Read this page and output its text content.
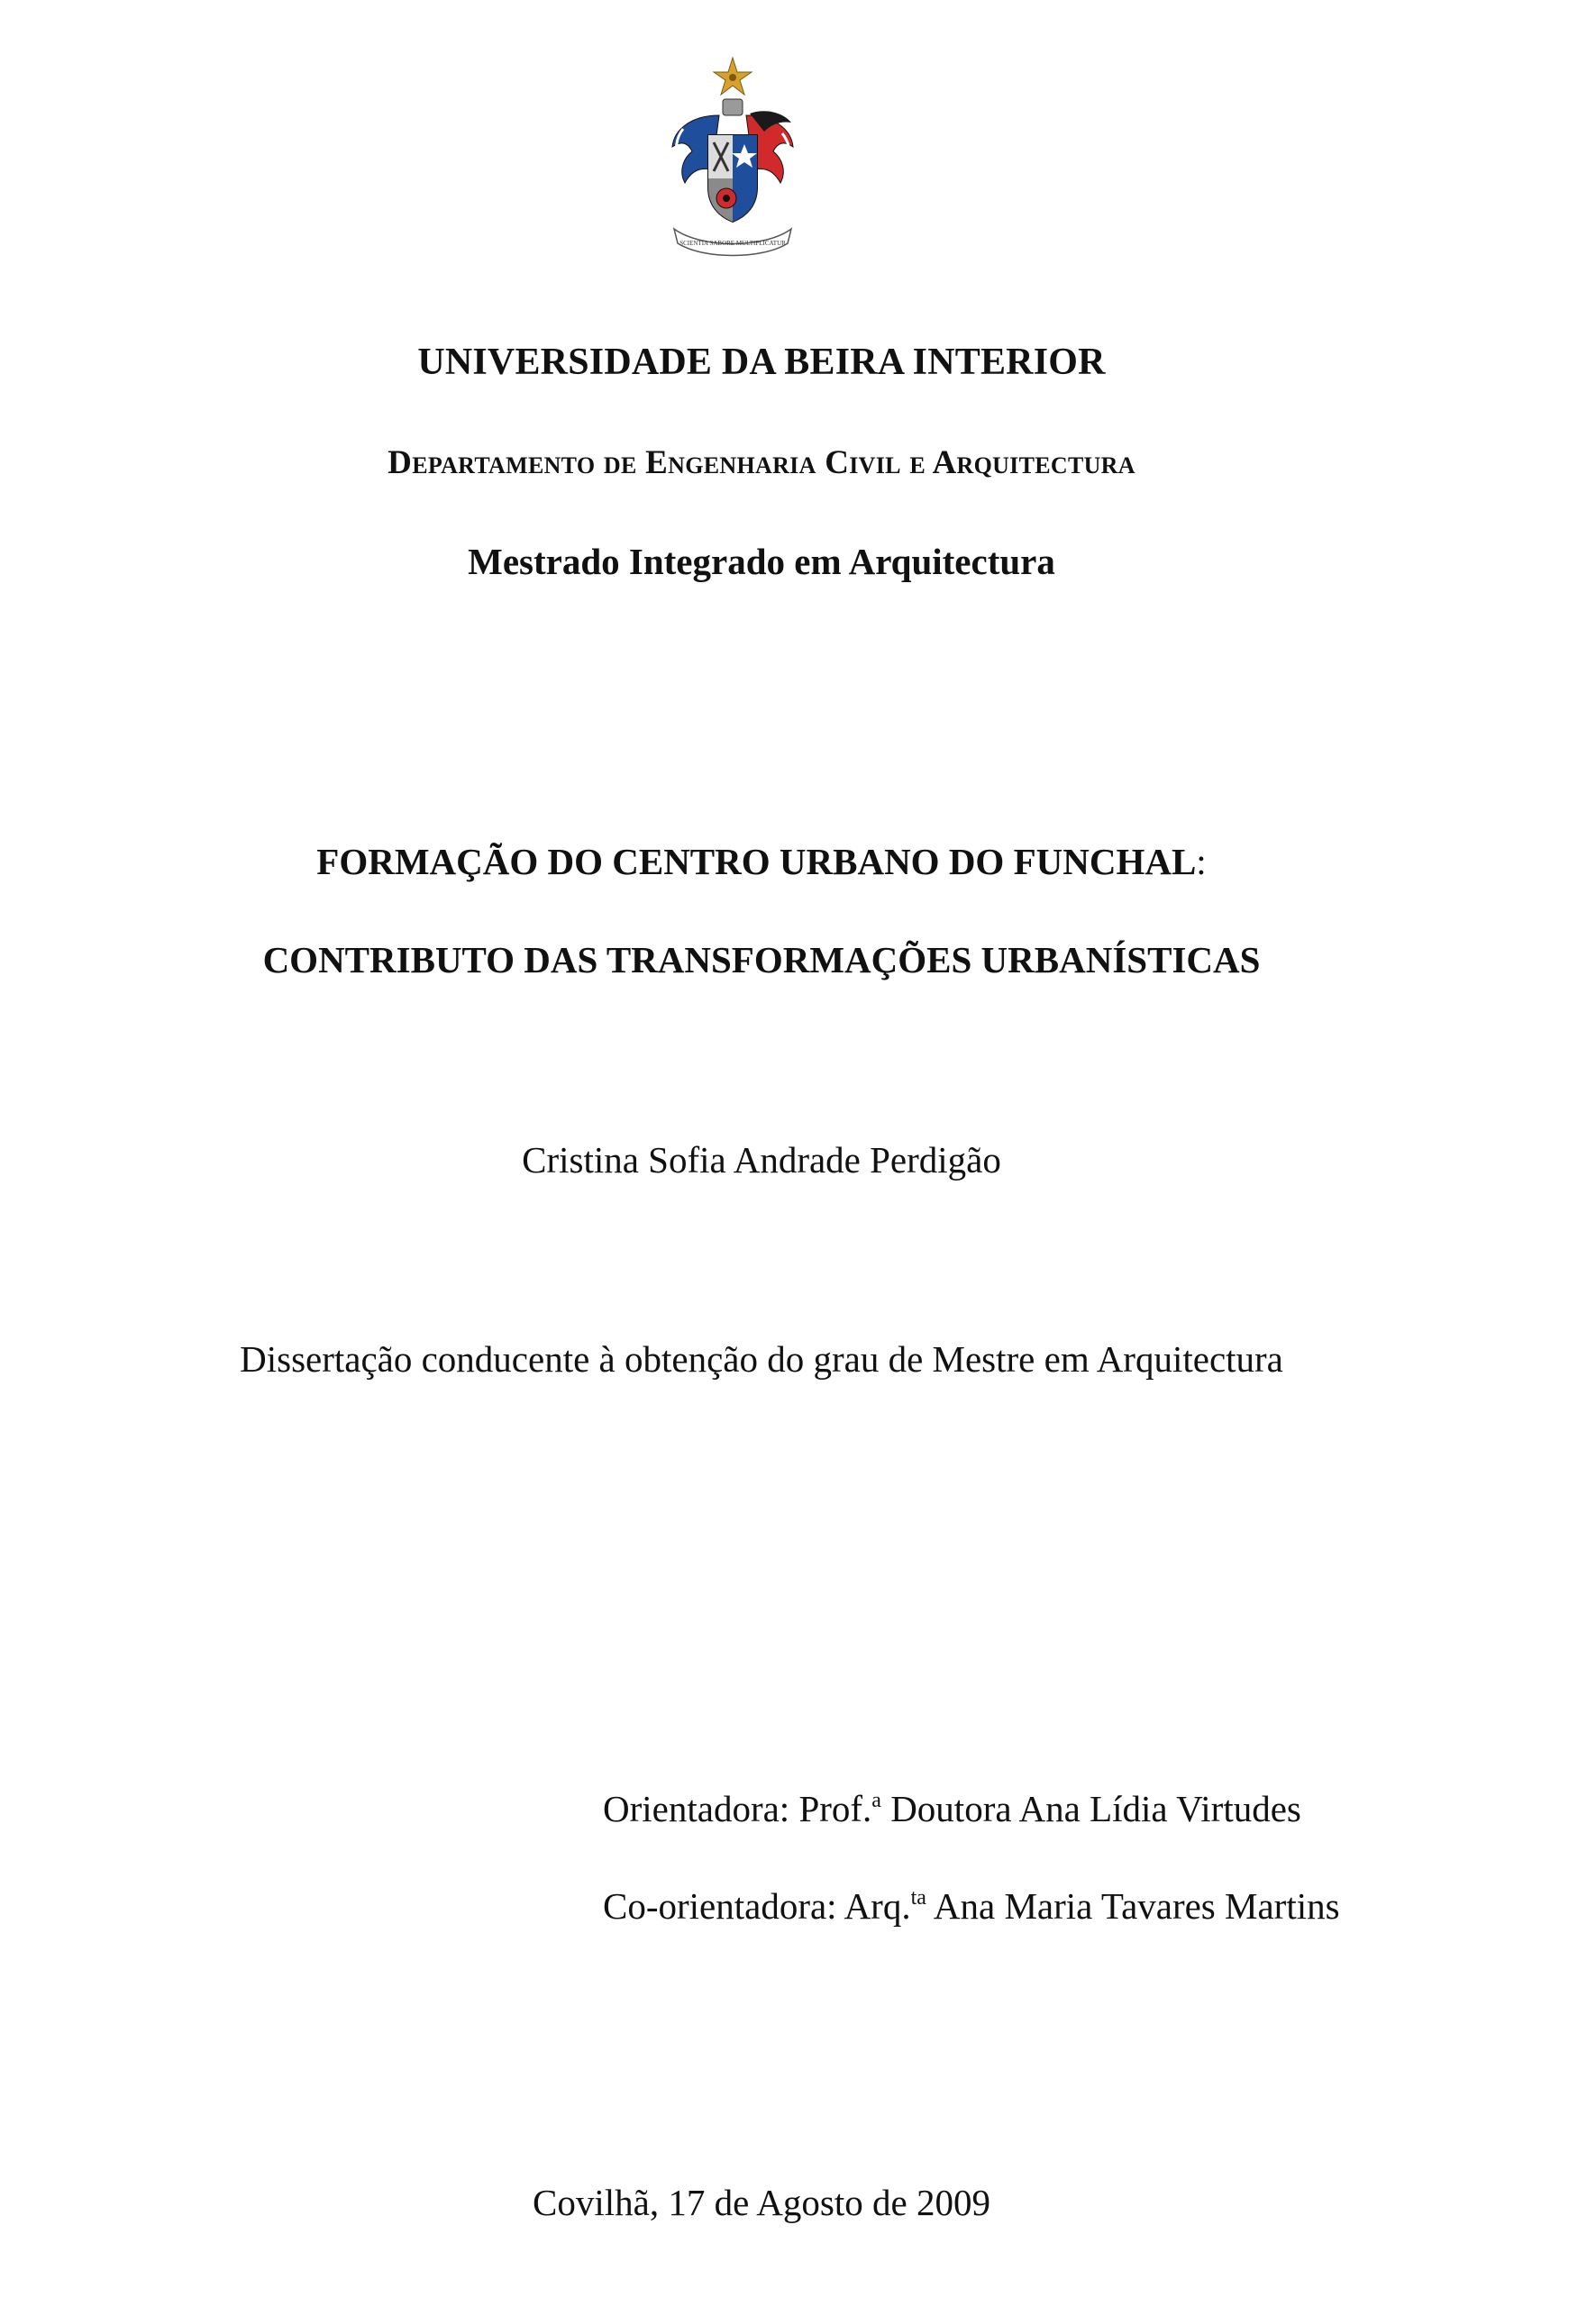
SCIENTIA SABORE MULTIPLICATUR
UNIVERSIDADE DA BEIRA INTERIOR
Departamento de Engenharia Civil e Arquitectura
Mestrado Integrado em Arquitectura
FORMAÇÃO DO CENTRO URBANO DO FUNCHAL:
CONTRIBUTO DAS TRANSFORMAÇÕES URBANÍSTICAS
Cristina Sofia Andrade Perdigão
Dissertação conducente à obtenção do grau de Mestre em Arquitectura
Orientadora: Prof.$^a$ Doutora Ana Lídia Virtudes
Co-orientadora: Arq.$^{ta}$ Ana Maria Tavares Martins
Covilhã, 17 de Agosto de 2009
